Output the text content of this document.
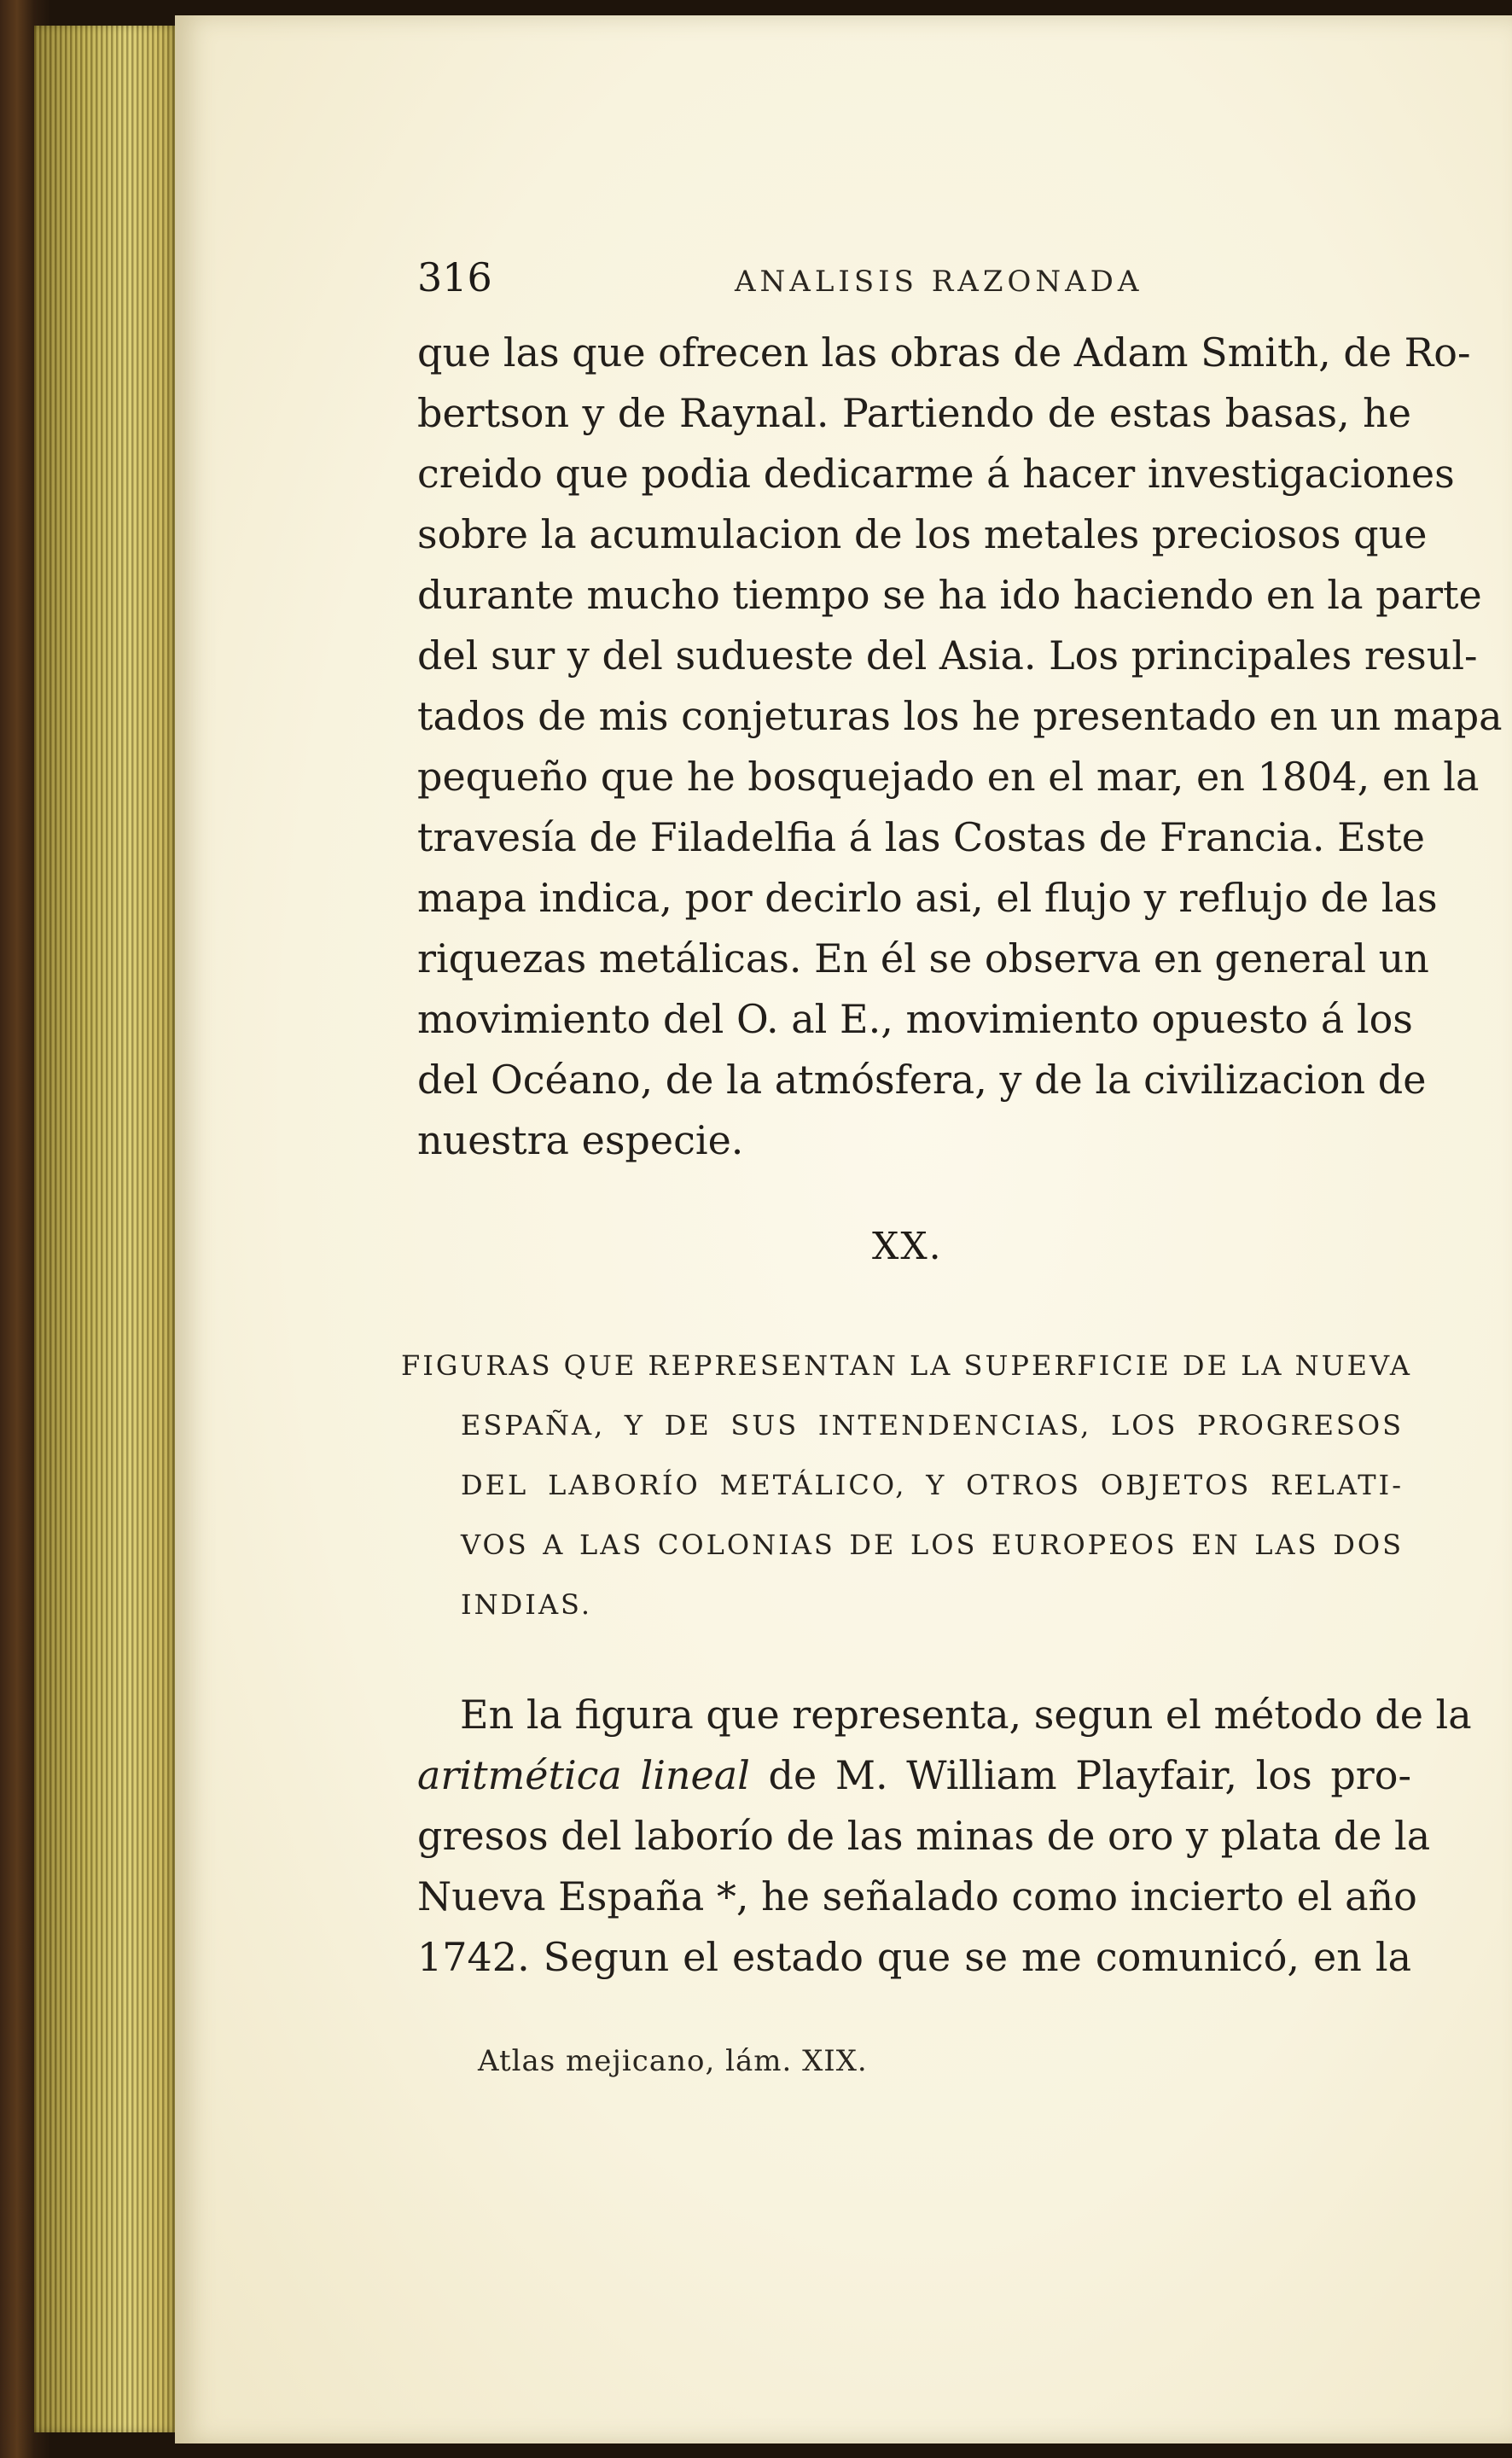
316	ANALISIS RAZONADA
que las que ofrecen las obras de Adam Smith, de Ro-
bertson y de Raynal. Partiendo de estas basas, he
creido que podia dedicarme á hacer investigaciones
sobre la acumulacion de los metales preciosos que
durante mucho tiempo se ha ido haciendo en la parte
del sur y del sudueste del Asia. Los principales resul-
tados de mis conjeturas los he presentado en un mapa
pequeño que he bosquejado en el mar, en 1804, en la
travesía de Filadelfia á las Costas de Francia. Este
mapa indica, por decirlo asi, el flujo y reflujo de las
riquezas metálicas. En él se observa en general un
movimiento del O. al E., movimiento opuesto á los
del Océano, de la atmósfera, y de la civilizacion de
nuestra especie.
XX.
FIGURAS QUE REPRESENTAN LA SUPERFICIE DE LA NUEVA
ESPAÑA, Y DE SUS INTENDENCIAS, LOS PROGRESOS
DEL LABORÍO METÁLICO, Y OTROS OBJETOS RELATI-
VOS A LAS COLONIAS DE LOS EUROPEOS EN LAS DOS
INDIAS.
En la figura que representa, segun el método de la
aritmética lineal de M. William Playfair, los pro-
gresos del laborío de las minas de oro y plata de la
Nueva España *, he señalado como incierto el año
1742. Segun el estado que se me comunicó, en la
Atlas mejicano, lám. XIX.
